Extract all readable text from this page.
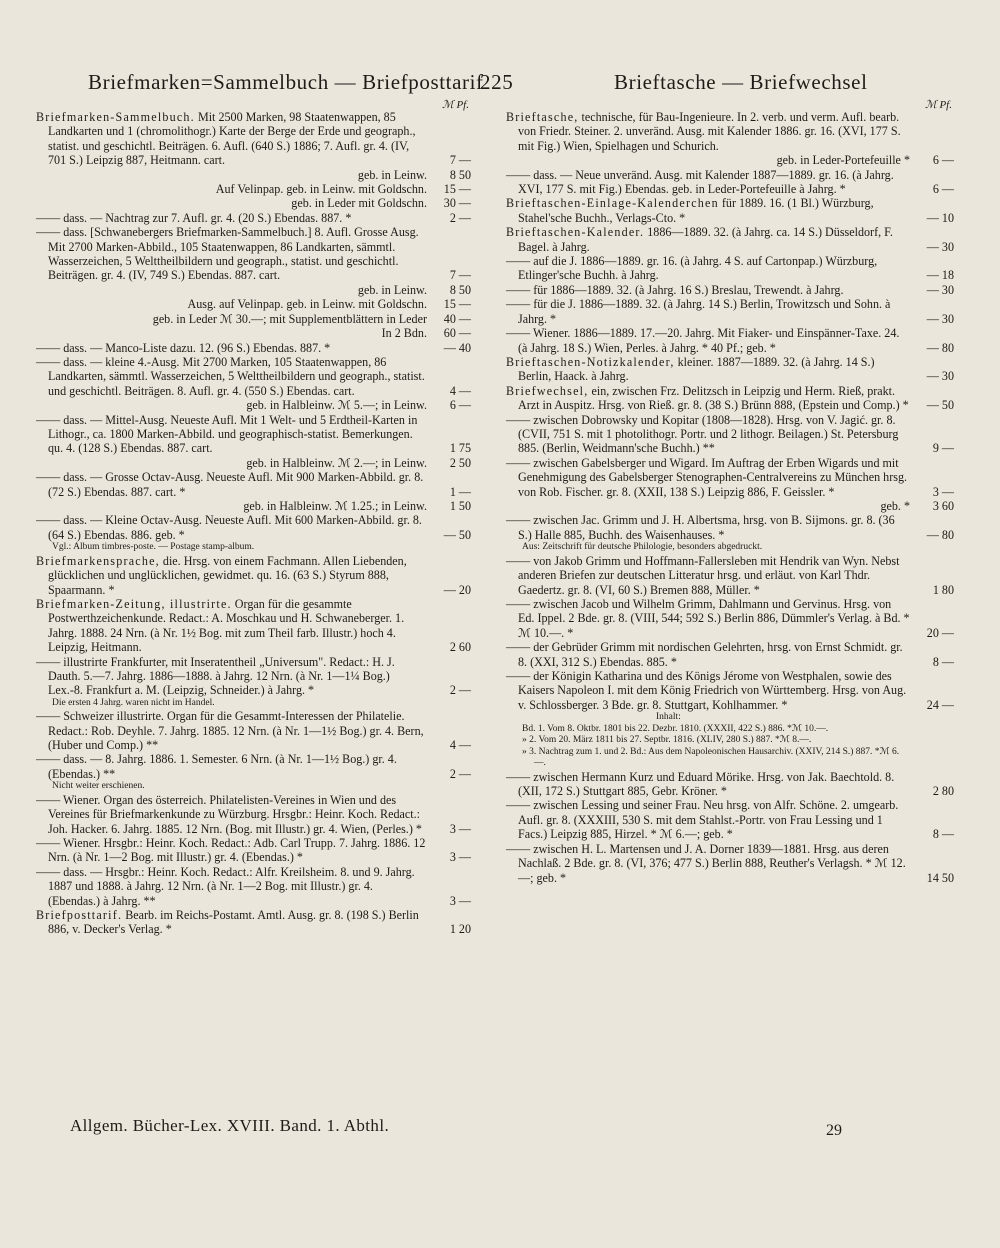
Briefmarken=Sammelbuch — Briefposttarif
225	Brieftasche — Briefwechsel
ℳ Pf.
Briefmarken-Sammelbuch. Mit 2500 Marken, 98 Staatenwappen, 85 Landkarten und 1 (chromolithogr.) Karte der Berge der Erde und geograph., statist. und geschichtl. Beiträgen. 6. Aufl. (640 S.) 1886; 7. Aufl. gr. 4. (IV, 701 S.) Leipzig 887, Heitmann. cart.	7 —
geb. in Leinw.	8 50
Auf Velinpap. geb. in Leinw. mit Goldschn.	15 —
geb. in Leder mit Goldschn.	30 —
—— dass. — Nachtrag zur 7. Aufl. gr. 4. (20 S.) Ebendas. 887. *	2 —
—— dass. [Schwanebergers Briefmarken-Sammelbuch.] 8. Aufl. Grosse Ausg. Mit 2700 Marken-Abbild., 105 Staatenwappen, 86 Landkarten, sämmtl. Wasserzeichen, 5 Welttheilbildern und geograph., statist. und geschichtl. Beiträgen. gr. 4. (IV, 749 S.) Ebendas. 887. cart.	7 —
geb. in Leinw.	8 50
Ausg. auf Velinpap. geb. in Leinw. mit Goldschn.	15 —
geb. in Leder ℳ 30.—; mit Supplementblättern in Leder	40 —
In 2 Bdn.	60 —
—— dass. — Manco-Liste dazu. 12. (96 S.) Ebendas. 887. *	— 40
—— dass. — kleine 4.-Ausg. Mit 2700 Marken, 105 Staatenwappen, 86 Landkarten, sämmtl. Wasserzeichen, 5 Welttheilbildern und geograph., statist. und geschichtl. Beiträgen. 8. Aufl. gr. 4. (550 S.) Ebendas. cart.	4 —
geb. in Halbleinw. ℳ 5.—; in Leinw.	6 —
—— dass. — Mittel-Ausg. Neueste Aufl. Mit 1 Welt- und 5 Erdtheil-Karten in Lithogr., ca. 1800 Marken-Abbild. und geographisch-statist. Bemerkungen. qu. 4. (128 S.) Ebendas. 887. cart.	1 75
geb. in Halbleinw. ℳ 2.—; in Leinw.	2 50
—— dass. — Grosse Octav-Ausg. Neueste Aufl. Mit 900 Marken-Abbild. gr. 8. (72 S.) Ebendas. 887. cart. *	1 —
geb. in Halbleinw. ℳ 1.25.; in Leinw.	1 50
—— dass. — Kleine Octav-Ausg. Neueste Aufl. Mit 600 Marken-Abbild. gr. 8. (64 S.) Ebendas. 886. geb. *	— 50
Vgl.: Album timbres-poste. — Postage stamp-album.
Briefmarkensprache, die. Hrsg. von einem Fachmann. Allen Liebenden, glücklichen und unglücklichen, gewidmet. qu. 16. (63 S.) Styrum 888, Spaarmann. *	— 20
Briefmarken-Zeitung, illustrirte. Organ für die gesammte Postwerthzeichenkunde. Redact.: A. Moschkau und H. Schwaneberger. 1. Jahrg. 1888. 24 Nrn. (à Nr. 1½ Bog. mit zum Theil farb. Illustr.) hoch 4. Leipzig, Heitmann.	2 60
—— illustrirte Frankfurter, mit Inseratentheil „Universum". Redact.: H. J. Dauth. 5.—7. Jahrg. 1886—1888. à Jahrg. 12 Nrn. (à Nr. 1—1¼ Bog.) Lex.-8. Frankfurt a. M. (Leipzig, Schneider.) à Jahrg. *	2 —
Die ersten 4 Jahrg. waren nicht im Handel.
—— Schweizer illustrirte. Organ für die Gesammt-Interessen der Philatelie. Redact.: Rob. Deyhle. 7. Jahrg. 1885. 12 Nrn. (à Nr. 1—1½ Bog.) gr. 4. Bern, (Huber und Comp.) **	4 —
—— dass. — 8. Jahrg. 1886. 1. Semester. 6 Nrn. (à Nr. 1—1½ Bog.) gr. 4. (Ebendas.) **	2 —
Nicht weiter erschienen.
—— Wiener. Organ des österreich. Philatelisten-Vereines in Wien und des Vereines für Briefmarkenkunde zu Würzburg. Hrsgbr.: Heinr. Koch. Redact.: Joh. Hacker. 6. Jahrg. 1885. 12 Nrn. (Bog. mit Illustr.) gr. 4. Wien, (Perles.) *	3 —
—— Wiener. Hrsgbr.: Heinr. Koch. Redact.: Adb. Carl Trupp. 7. Jahrg. 1886. 12 Nrn. (à Nr. 1—2 Bog. mit Illustr.) gr. 4. (Ebendas.) *	3 —
—— dass. — Hrsgbr.: Heinr. Koch. Redact.: Alfr. Kreilsheim. 8. und 9. Jahrg. 1887 und 1888. à Jahrg. 12 Nrn. (à Nr. 1—2 Bog. mit Illustr.) gr. 4. (Ebendas.) à Jahrg. **	3 —
Briefposttarif. Bearb. im Reichs-Postamt. Amtl. Ausg. gr. 8. (198 S.) Berlin 886, v. Decker's Verlag. *	1 20
ℳ Pf.
Brieftasche, technische, für Bau-Ingenieure. In 2. verb. und verm. Aufl. bearb. von Friedr. Steiner. 2. unveränd. Ausg. mit Kalender 1886. gr. 16. (XVI, 177 S. mit Fig.) Wien, Spielhagen und Schurich.
geb. in Leder-Portefeuille *	6 —
—— dass. — Neue unveränd. Ausg. mit Kalender 1887—1889. gr. 16. (à Jahrg. XVI, 177 S. mit Fig.) Ebendas. geb. in Leder-Portefeuille à Jahrg. *	6 —
Brieftaschen-Einlage-Kalenderchen für 1889. 16. (1 Bl.) Würzburg, Stahel'sche Buchh., Verlags-Cto. *	— 10
Brieftaschen-Kalender. 1886—1889. 32. (à Jahrg. ca. 14 S.) Düsseldorf, F. Bagel. à Jahrg.	— 30
—— auf die J. 1886—1889. gr. 16. (à Jahrg. 4 S. auf Cartonpap.) Würzburg, Etlinger'sche Buchh. à Jahrg.	— 18
—— für 1886—1889. 32. (à Jahrg. 16 S.) Breslau, Trewendt. à Jahrg.	— 30
—— für die J. 1886—1889. 32. (à Jahrg. 14 S.) Berlin, Trowitzsch und Sohn. à Jahrg. *	— 30
—— Wiener. 1886—1889. 17.—20. Jahrg. Mit Fiaker- und Einspänner-Taxe. 24. (à Jahrg. 18 S.) Wien, Perles. à Jahrg. * 40 Pf.; geb. *	— 80
Brieftaschen-Notizkalender, kleiner. 1887—1889. 32. (à Jahrg. 14 S.) Berlin, Haack. à Jahrg.	— 30
Briefwechsel, ein, zwischen Frz. Delitzsch in Leipzig und Herm. Rieß, prakt. Arzt in Auspitz. Hrsg. von Rieß. gr. 8. (38 S.) Brünn 888, (Epstein und Comp.) *	— 50
—— zwischen Dobrowsky und Kopitar (1808—1828). Hrsg. von V. Jagić. gr. 8. (CVII, 751 S. mit 1 photolithogr. Portr. und 2 lithogr. Beilagen.) St. Petersburg 885. (Berlin, Weidmann'sche Buchh.) **	9 —
—— zwischen Gabelsberger und Wigard. Im Auftrag der Erben Wigards und mit Genehmigung des Gabelsberger Stenographen-Centralvereins zu München hrsg. von Rob. Fischer. gr. 8. (XXII, 138 S.) Leipzig 886, F. Geissler. *	3 —
geb. *	3 60
—— zwischen Jac. Grimm und J. H. Albertsma, hrsg. von B. Sijmons. gr. 8. (36 S.) Halle 885, Buchh. des Waisenhauses. *	— 80
Aus: Zeitschrift für deutsche Philologie, besonders abgedruckt.
—— von Jakob Grimm und Hoffmann-Fallersleben mit Hendrik van Wyn. Nebst anderen Briefen zur deutschen Litteratur hrsg. und erläut. von Karl Thdr. Gaedertz. gr. 8. (VI, 60 S.) Bremen 888, Müller. *	1 80
—— zwischen Jacob und Wilhelm Grimm, Dahlmann und Gervinus. Hrsg. von Ed. Ippel. 2 Bde. gr. 8. (VIII, 544; 592 S.) Berlin 886, Dümmler's Verlag. à Bd. * ℳ 10.—. *	20 —
—— der Gebrüder Grimm mit nordischen Gelehrten, hrsg. von Ernst Schmidt. gr. 8. (XXI, 312 S.) Ebendas. 885. *	8 —
—— der Königin Katharina und des Königs Jérome von Westphalen, sowie des Kaisers Napoleon I. mit dem König Friedrich von Württemberg. Hrsg. von Aug. v. Schlossberger. 3 Bde. gr. 8. Stuttgart, Kohlhammer. *	24 —
Inhalt:
Bd. 1. Vom 8. Oktbr. 1801 bis 22. Dezbr. 1810. (XXXII, 422 S.) 886. *ℳ 10.—.
» 2. Vom 20. März 1811 bis 27. Septbr. 1816. (XLIV, 280 S.) 887. *ℳ 8.—.
» 3. Nachtrag zum 1. und 2. Bd.: Aus dem Napoleonischen Hausarchiv. (XXIV, 214 S.) 887. *ℳ 6.—.
—— zwischen Hermann Kurz und Eduard Mörike. Hrsg. von Jak. Baechtold. 8. (XII, 172 S.) Stuttgart 885, Gebr. Kröner. *	2 80
—— zwischen Lessing und seiner Frau. Neu hrsg. von Alfr. Schöne. 2. umgearb. Aufl. gr. 8. (XXXIII, 530 S. mit dem Stahlst.-Portr. von Frau Lessing und 1 Facs.) Leipzig 885, Hirzel. * ℳ 6.—; geb. *	8 —
—— zwischen H. L. Martensen und J. A. Dorner 1839—1881. Hrsg. aus deren Nachlaß. 2 Bde. gr. 8. (VI, 376; 477 S.) Berlin 888, Reuther's Verlagsh. * ℳ 12.—; geb. *	14 50
Allgem. Bücher-Lex. XVIII. Band. 1. Abthl.	29
